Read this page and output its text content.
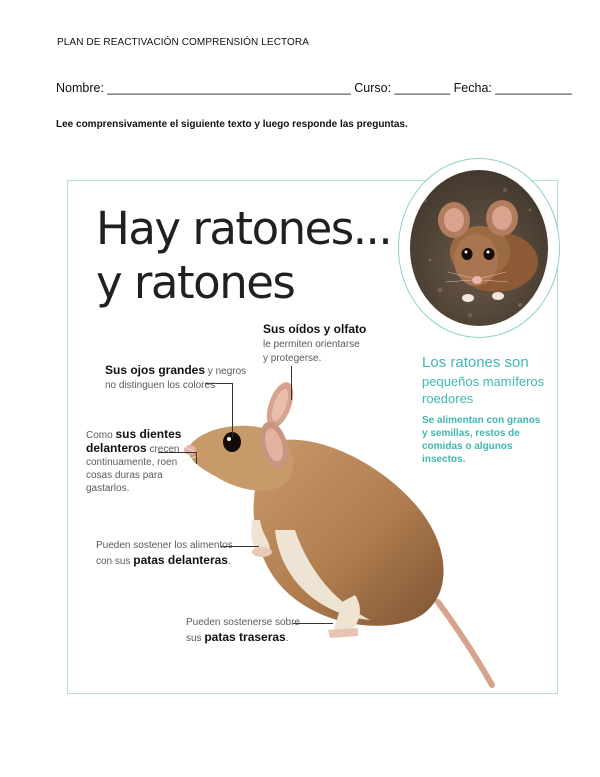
PLAN DE REACTIVACIÓN COMPRENSIÓN LECTORA
Nombre: ___________________________________ Curso: ________ Fecha: ___________
Lee comprensivamente el siguiente texto y luego responde las preguntas.
Hay ratones...
y ratones
Los ratones son
pequeños mamíferos roedores
Se alimentan con granos y semillas, restos de comidas o algunos insectos.
Sus oídos y olfato
le permiten orientarse
y protegerse.
Sus ojos grandes y negros
no distinguen los colores
Como sus dientes
delanteros crecen
continuamente, roen
cosas duras para
gastarlos.
Pueden sostener los alimentos
con sus patas delanteras.
Pueden sostenerse sobre
sus patas traseras.
